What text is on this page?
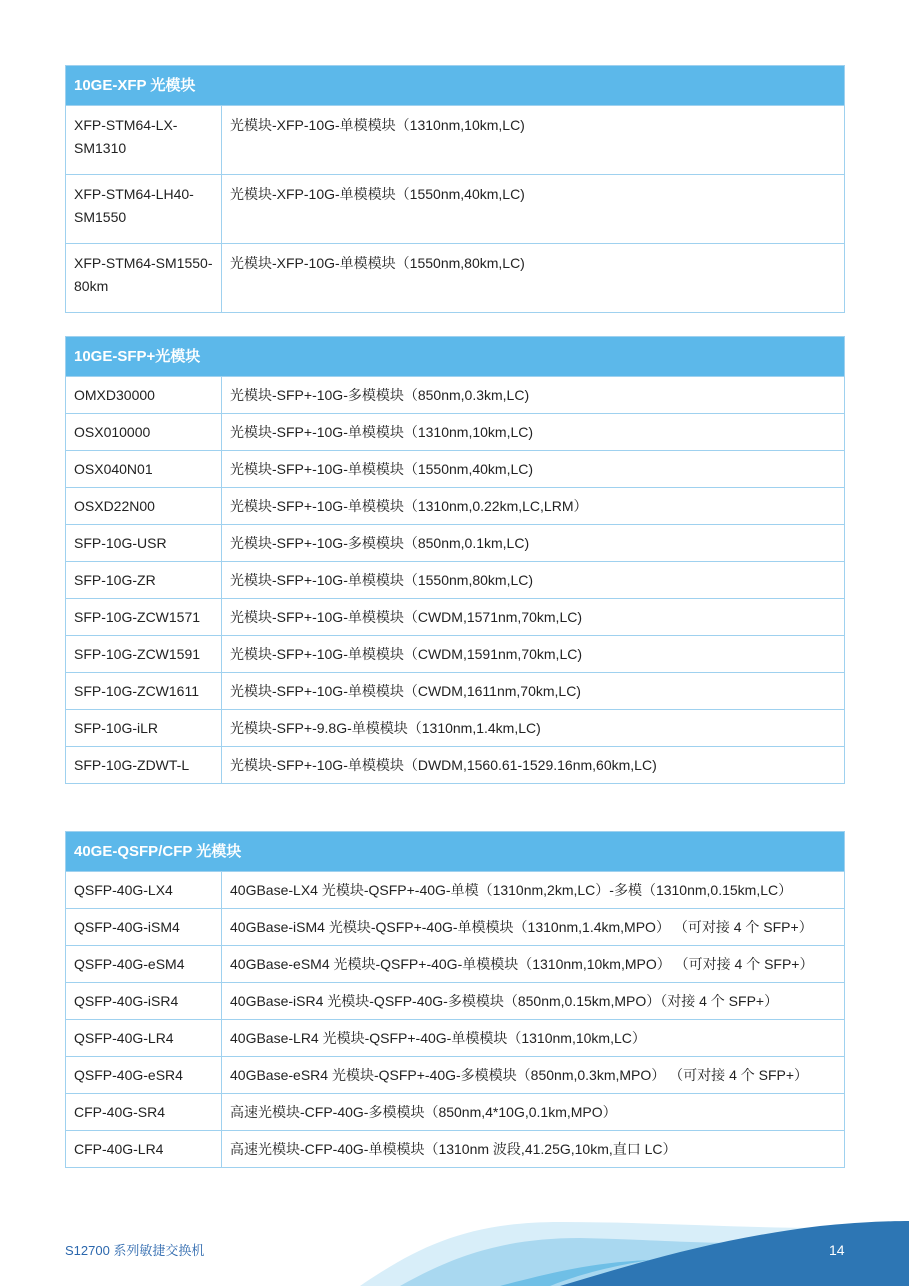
10GE-XFP 光模块	
XFP-STM64-LX-SM1310	光模块-XFP-10G-单模模块（1310nm,10km,LC)
XFP-STM64-LH40-SM1550	光模块-XFP-10G-单模模块（1550nm,40km,LC)
XFP-STM64-SM1550-80km	光模块-XFP-10G-单模模块（1550nm,80km,LC)
10GE-SFP+光模块	
OMXD30000	光模块-SFP+-10G-多模模块（850nm,0.3km,LC)
OSX010000	光模块-SFP+-10G-单模模块（1310nm,10km,LC)
OSX040N01	光模块-SFP+-10G-单模模块（1550nm,40km,LC)
OSXD22N00	光模块-SFP+-10G-单模模块（1310nm,0.22km,LC,LRM）
SFP-10G-USR	光模块-SFP+-10G-多模模块（850nm,0.1km,LC)
SFP-10G-ZR	光模块-SFP+-10G-单模模块（1550nm,80km,LC)
SFP-10G-ZCW1571	光模块-SFP+-10G-单模模块（CWDM,1571nm,70km,LC)
SFP-10G-ZCW1591	光模块-SFP+-10G-单模模块（CWDM,1591nm,70km,LC)
SFP-10G-ZCW1611	光模块-SFP+-10G-单模模块（CWDM,1611nm,70km,LC)
SFP-10G-iLR	光模块-SFP+-9.8G-单模模块（1310nm,1.4km,LC)
SFP-10G-ZDWT-L	光模块-SFP+-10G-单模模块（DWDM,1560.61-1529.16nm,60km,LC)
40GE-QSFP/CFP 光模块	
QSFP-40G-LX4	40GBase-LX4 光模块-QSFP+-40G-单模（1310nm,2km,LC）-多模（1310nm,0.15km,LC）
QSFP-40G-iSM4	40GBase-iSM4 光模块-QSFP+-40G-单模模块（1310nm,1.4km,MPO） （可对接 4 个 SFP+）
QSFP-40G-eSM4	40GBase-eSM4 光模块-QSFP+-40G-单模模块（1310nm,10km,MPO） （可对接 4 个 SFP+）
QSFP-40G-iSR4	40GBase-iSR4 光模块-QSFP-40G-多模模块（850nm,0.15km,MPO）（对接 4 个 SFP+）
QSFP-40G-LR4	40GBase-LR4 光模块-QSFP+-40G-单模模块（1310nm,10km,LC）
QSFP-40G-eSR4	40GBase-eSR4 光模块-QSFP+-40G-多模模块（850nm,0.3km,MPO） （可对接 4 个 SFP+）
CFP-40G-SR4	高速光模块-CFP-40G-多模模块（850nm,4*10G,0.1km,MPO）
CFP-40G-LR4	高速光模块-CFP-40G-单模模块（1310nm 波段,41.25G,10km,直口 LC）
S12700 系列敏捷交换机	14
